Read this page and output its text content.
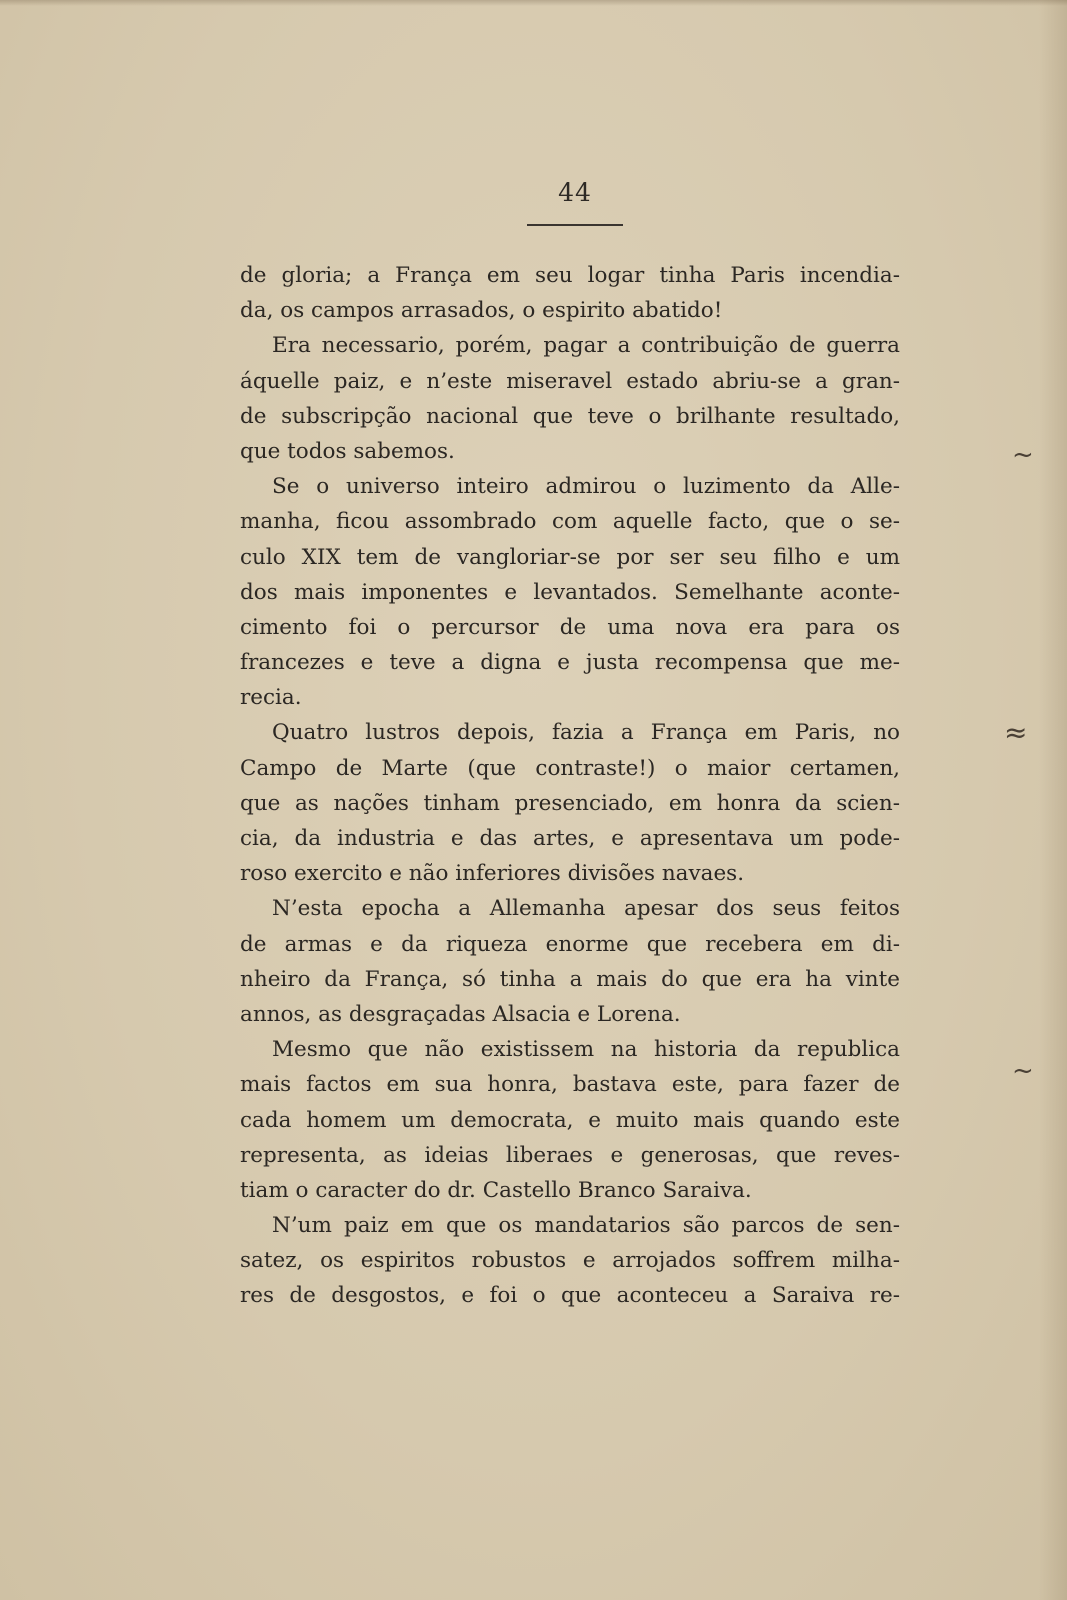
44
de gloria; a França em seu logar tinha Paris incendia-
da, os campos arrasados, o espirito abatido!
Era necessario, porém, pagar a contribuição de guerra
áquelle paiz, e n’este miseravel estado abriu-se a gran-
de subscripção nacional que teve o brilhante resultado,
que todos sabemos.
Se o universo inteiro admirou o luzimento da Alle-
manha, ficou assombrado com aquelle facto, que o se-
culo XIX tem de vangloriar-se por ser seu filho e um
dos mais imponentes e levantados. Semelhante aconte-
cimento foi o percursor de uma nova era para os
francezes e teve a digna e justa recompensa que me-
recia.
Quatro lustros depois, fazia a França em Paris, no
Campo de Marte (que contraste!) o maior certamen,
que as nações tinham presenciado, em honra da scien-
cia, da industria e das artes, e apresentava um pode-
roso exercito e não inferiores divisões navaes.
N’esta epocha a Allemanha apesar dos seus feitos
de armas e da riqueza enorme que recebera em di-
nheiro da França, só tinha a mais do que era ha vinte
annos, as desgraçadas Alsacia e Lorena.
Mesmo que não existissem na historia da republica
mais factos em sua honra, bastava este, para fazer de
cada homem um democrata, e muito mais quando este
representa, as ideias liberaes e generosas, que reves-
tiam o caracter do dr. Castello Branco Saraiva.
N’um paiz em que os mandatarios são parcos de sen-
satez, os espiritos robustos e arrojados soffrem milha-
res de desgostos, e foi o que aconteceu a Saraiva re-
~
≈
~
